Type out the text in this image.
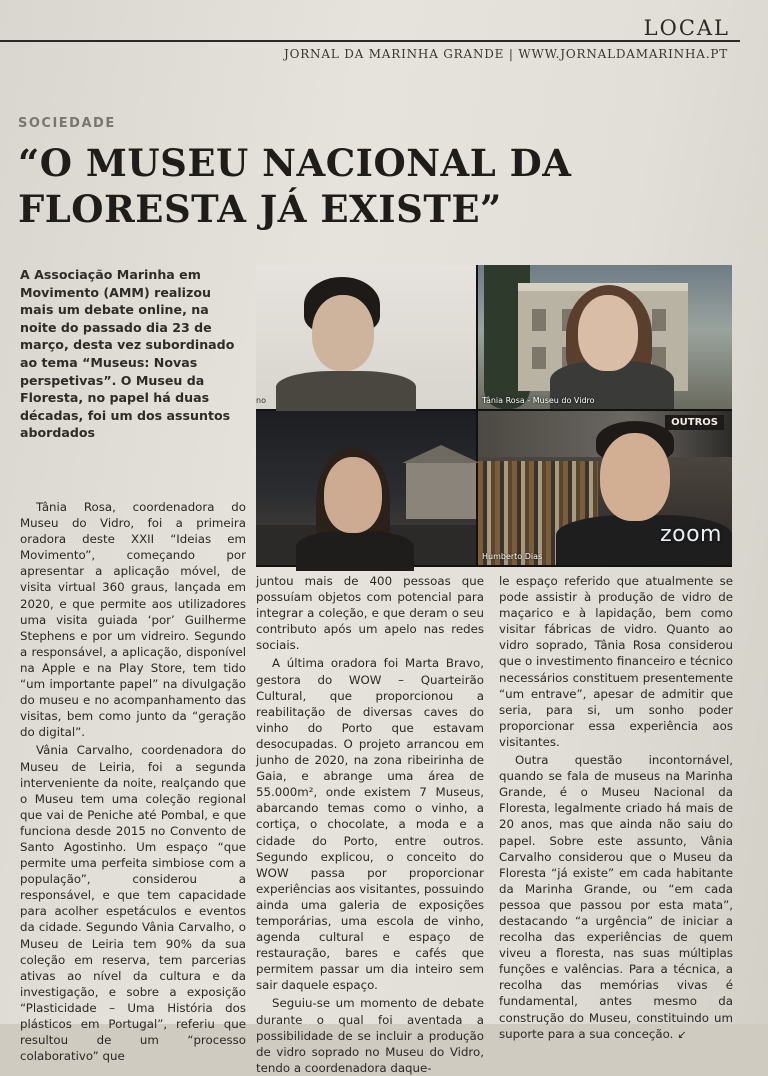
LOCAL
JORNAL DA MARINHA GRANDE | WWW.JORNALDAMARINHA.PT
SOCIEDADE
“O MUSEU NACIONAL DA FLORESTA JÁ EXISTE”
A Associação Marinha em Movimento (AMM) realizou mais um debate online, na noite do passado dia 23 de março, desta vez subordinado ao tema “Museus: Novas perspetivas”. O Museu da Floresta, no papel há duas décadas, foi um dos assuntos abordados
no	Tânia Rosa - Museu do Vidro
OUTROS
Humberto Dias
zoom

Tânia Rosa, coordenadora do Museu do Vidro, foi a primeira oradora deste XXII “Ideias em Movimento”, começando por apresentar a aplicação móvel, de visita virtual 360 graus, lançada em 2020, e que permite aos utilizadores uma visita guiada ‘por’ Guilherme Stephens e por um vidreiro. Segundo a responsável, a aplicação, disponível na Apple e na Play Store, tem tido “um importante papel” na divulgação do museu e no acompanhamento das visitas, bem como junto da “geração do digital”.

Vânia Carvalho, coordenadora do Museu de Leiria, foi a segunda interveniente da noite, realçando que o Museu tem uma coleção regional que vai de Peniche até Pombal, e que funciona desde 2015 no Convento de Santo Agostinho. Um espaço “que permite uma perfeita simbiose com a população”, considerou a responsável, e que tem capacidade para acolher espetáculos e eventos da cidade. Segundo Vânia Carvalho, o Museu de Leiria tem 90% da sua coleção em reserva, tem parcerias ativas ao nível da cultura e da investigação, e sobre a exposição “Plasticidade – Uma História dos plásticos em Portugal”, referiu que resultou de um “processo colaborativo” que

juntou mais de 400 pessoas que possuíam objetos com potencial para integrar a coleção, e que deram o seu contributo após um apelo nas redes sociais.

A última oradora foi Marta Bravo, gestora do WOW – Quarteirão Cultural, que proporcionou a reabilitação de diversas caves do vinho do Porto que estavam desocupadas. O projeto arrancou em junho de 2020, na zona ribeirinha de Gaia, e abrange uma área de 55.000m², onde existem 7 Museus, abarcando temas como o vinho, a cortiça, o chocolate, a moda e a cidade do Porto, entre outros. Segundo explicou, o conceito do WOW passa por proporcionar experiências aos visitantes, possuindo ainda uma galeria de exposições temporárias, uma escola de vinho, agenda cultural e espaço de restauração, bares e cafés que permitem passar um dia inteiro sem sair daquele espaço.

Seguiu-se um momento de debate durante o qual foi aventada a possibilidade de se incluir a produção de vidro soprado no Museu do Vidro, tendo a coordenadora daque-

le espaço referido que atualmente se pode assistir à produção de vidro de maçarico e à lapidação, bem como visitar fábricas de vidro. Quanto ao vidro soprado, Tânia Rosa considerou que o investimento financeiro e técnico necessários constituem presentemente “um entrave”, apesar de admitir que seria, para si, um sonho poder proporcionar essa experiência aos visitantes.

Outra questão incontornável, quando se fala de museus na Marinha Grande, é o Museu Nacional da Floresta, legalmente criado há mais de 20 anos, mas que ainda não saiu do papel. Sobre este assunto, Vânia Carvalho considerou que o Museu da Floresta “já existe” em cada habitante da Marinha Grande, ou “em cada pessoa que passou por esta mata”, destacando “a urgência” de iniciar a recolha das experiências de quem viveu a floresta, nas suas múltiplas funções e valências. Para a técnica, a recolha das memórias vivas é fundamental, antes mesmo da construção do Museu, constituindo um suporte para a sua conceção. ↙
